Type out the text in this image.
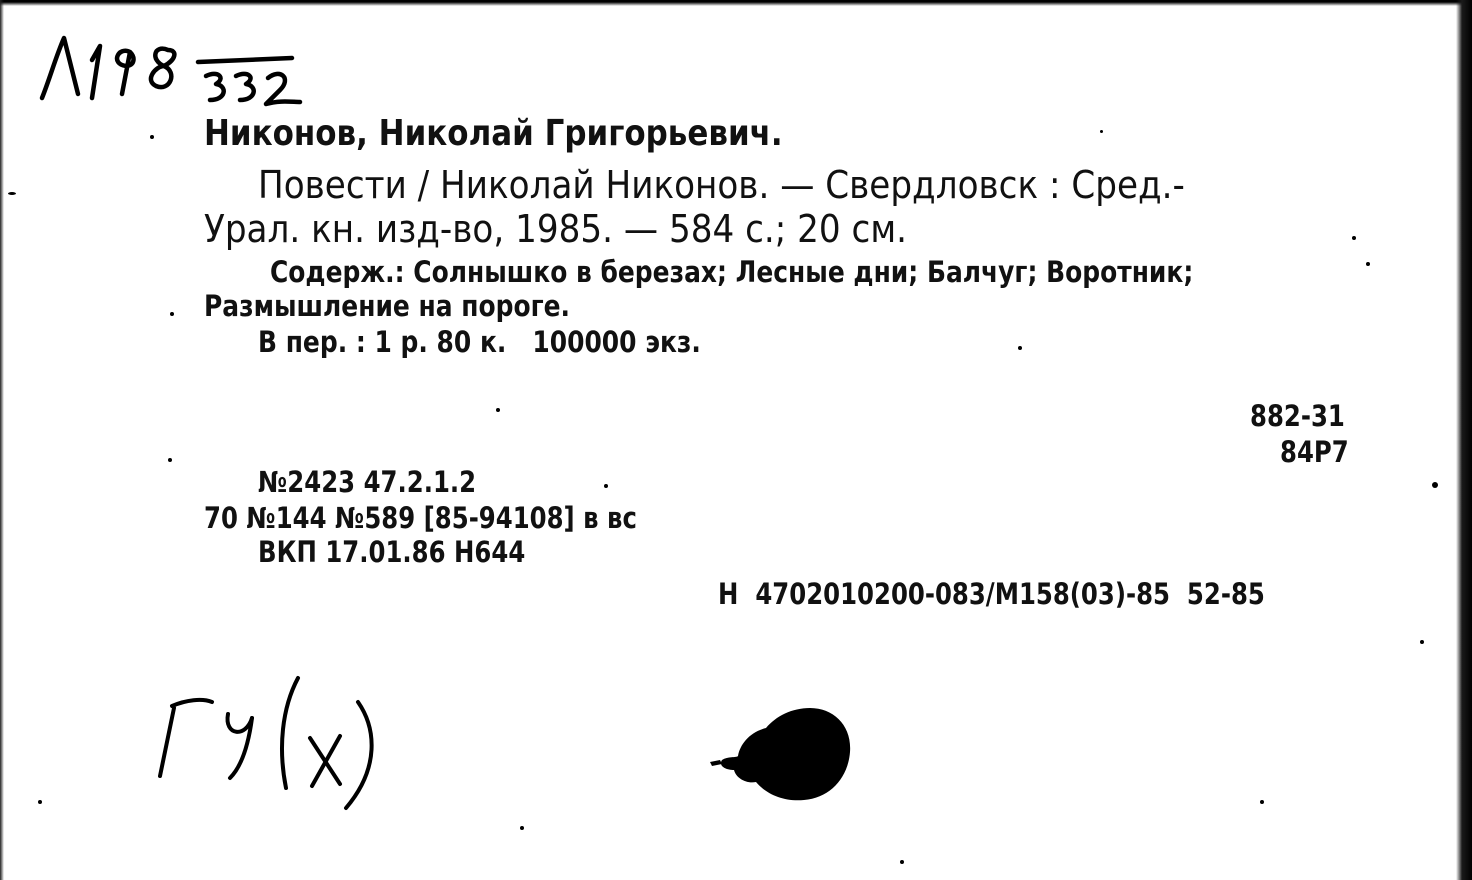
Никонов, Николай Григорьевич.
Повести / Николай Никонов. — Свердловск : Сред.-
Урал. кн. изд-во, 1985. — 584 с.; 20 см.
Содерж.: Солнышко в березах; Лесные дни; Балчуг; Воротник;
Размышление на пороге.
В пер. : 1 р. 80 к.   100000 экз.
882-31
84Р7
№2423 47.2.1.2
70 №144 №589 [85-94108] в вс
ВКП 17.01.86 Н644
Н  4702010200-083/М158(03)-85  52-85
